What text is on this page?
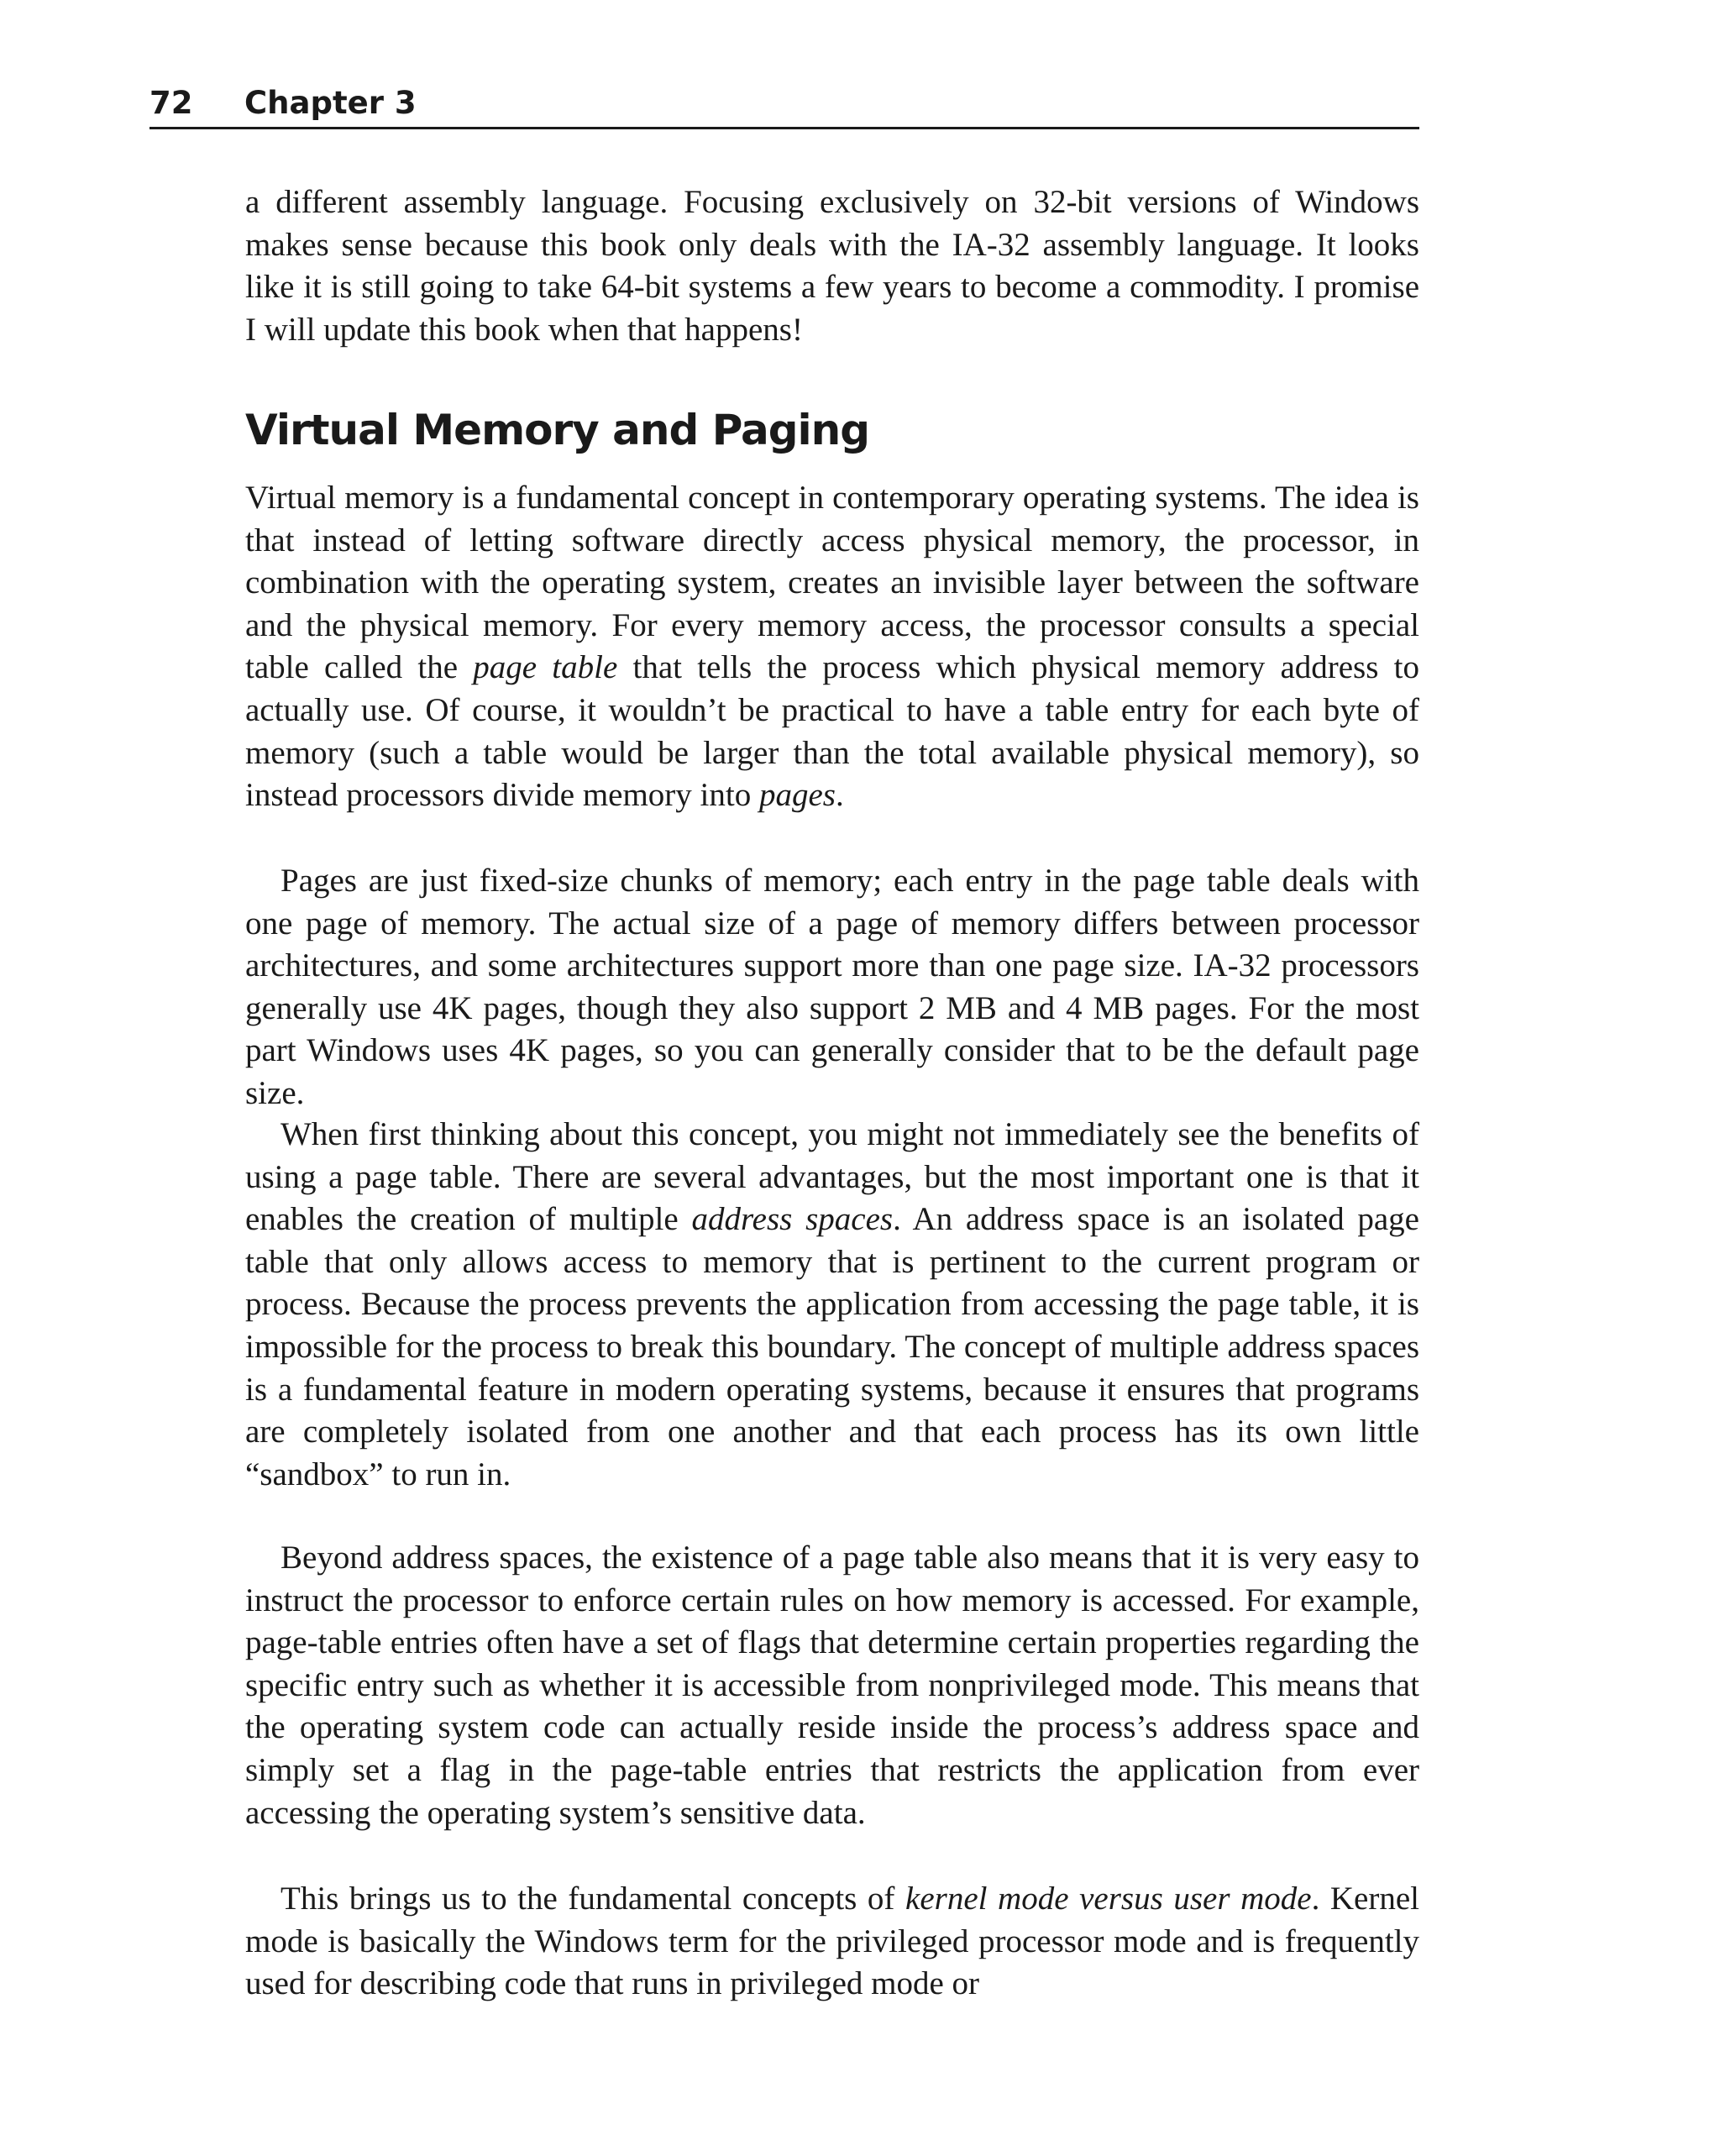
72 Chapter 3

a different assembly language. Focusing exclusively on 32-bit versions of Windows makes sense because this book only deals with the IA-32 assembly language. It looks like it is still going to take 64-bit systems a few years to become a commodity. I promise I will update this book when that happens!

Virtual Memory and Paging

Virtual memory is a fundamental concept in contemporary operating systems. The idea is that instead of letting software directly access physical memory, the processor, in combination with the operating system, creates an invisible layer between the software and the physical memory. For every memory access, the processor consults a special table called the page table that tells the process which physical memory address to actually use. Of course, it wouldn’t be practical to have a table entry for each byte of memory (such a table would be larger than the total available physical memory), so instead processors divide memory into pages.

Pages are just fixed-size chunks of memory; each entry in the page table deals with one page of memory. The actual size of a page of memory differs between processor architectures, and some architectures support more than one page size. IA-32 processors generally use 4K pages, though they also support 2 MB and 4 MB pages. For the most part Windows uses 4K pages, so you can generally consider that to be the default page size.

When first thinking about this concept, you might not immediately see the benefits of using a page table. There are several advantages, but the most important one is that it enables the creation of multiple address spaces. An address space is an isolated page table that only allows access to memory that is pertinent to the current program or process. Because the process prevents the application from accessing the page table, it is impossible for the process to break this boundary. The concept of multiple address spaces is a fundamental feature in modern operating systems, because it ensures that programs are completely isolated from one another and that each process has its own little “sandbox” to run in.

Beyond address spaces, the existence of a page table also means that it is very easy to instruct the processor to enforce certain rules on how memory is accessed. For example, page-table entries often have a set of flags that determine certain properties regarding the specific entry such as whether it is accessible from nonprivileged mode. This means that the operating system code can actually reside inside the process’s address space and simply set a flag in the page-table entries that restricts the application from ever accessing the operating system’s sensitive data.

This brings us to the fundamental concepts of kernel mode versus user mode. Kernel mode is basically the Windows term for the privileged processor mode and is frequently used for describing code that runs in privileged mode or
